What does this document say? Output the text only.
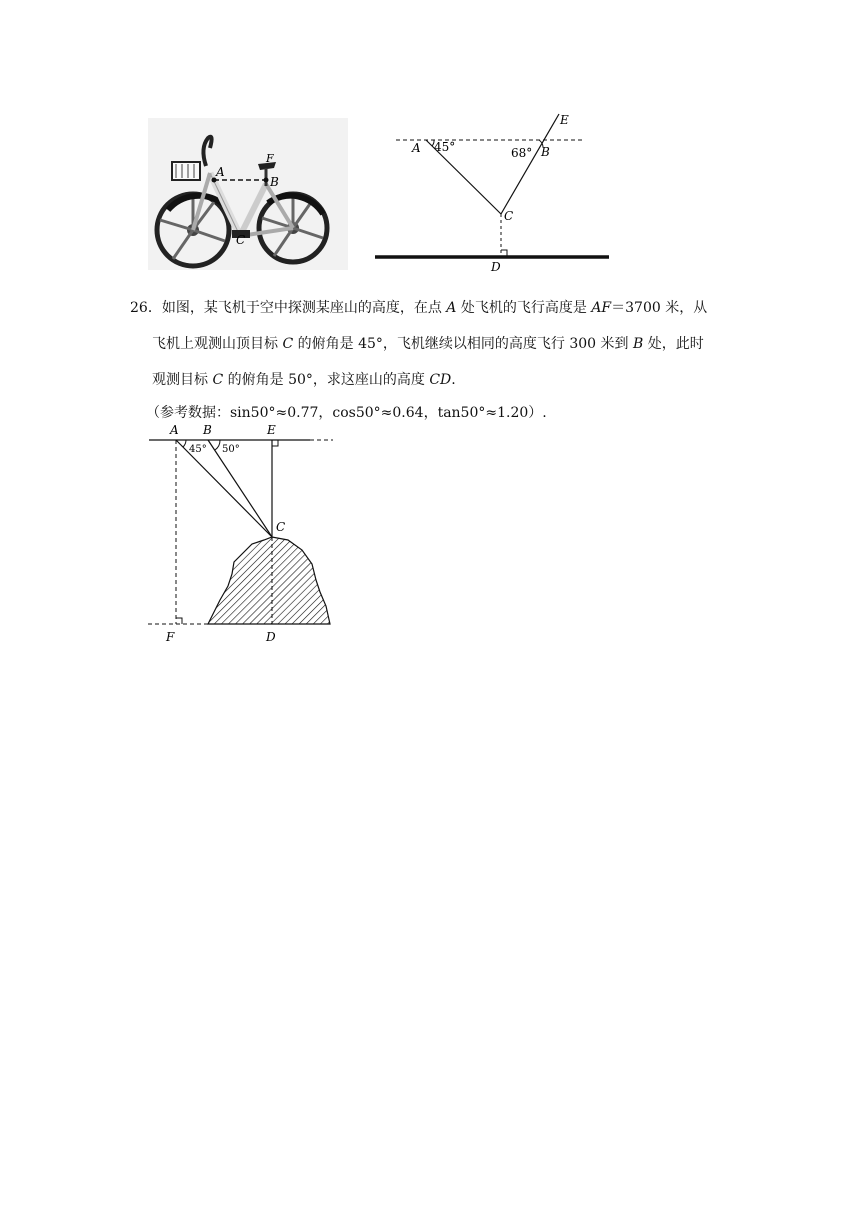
A
B
C
F
A 45°	68° B
E
C
D

26．如图，某飞机于空中探测某座山的高度，在点 A 处飞机的飞行高度是 AF＝3700 米，从

飞机上观测山顶目标 C 的俯角是 45°，飞机继续以相同的高度飞行 300 米到 B 处，此时

观测目标 C 的俯角是 50°，求这座山的高度 CD.

（参考数据：sin50°≈0.77，cos50°≈0.64，tan50°≈1.20）.

A B	E
45° 50°
C
F	D
